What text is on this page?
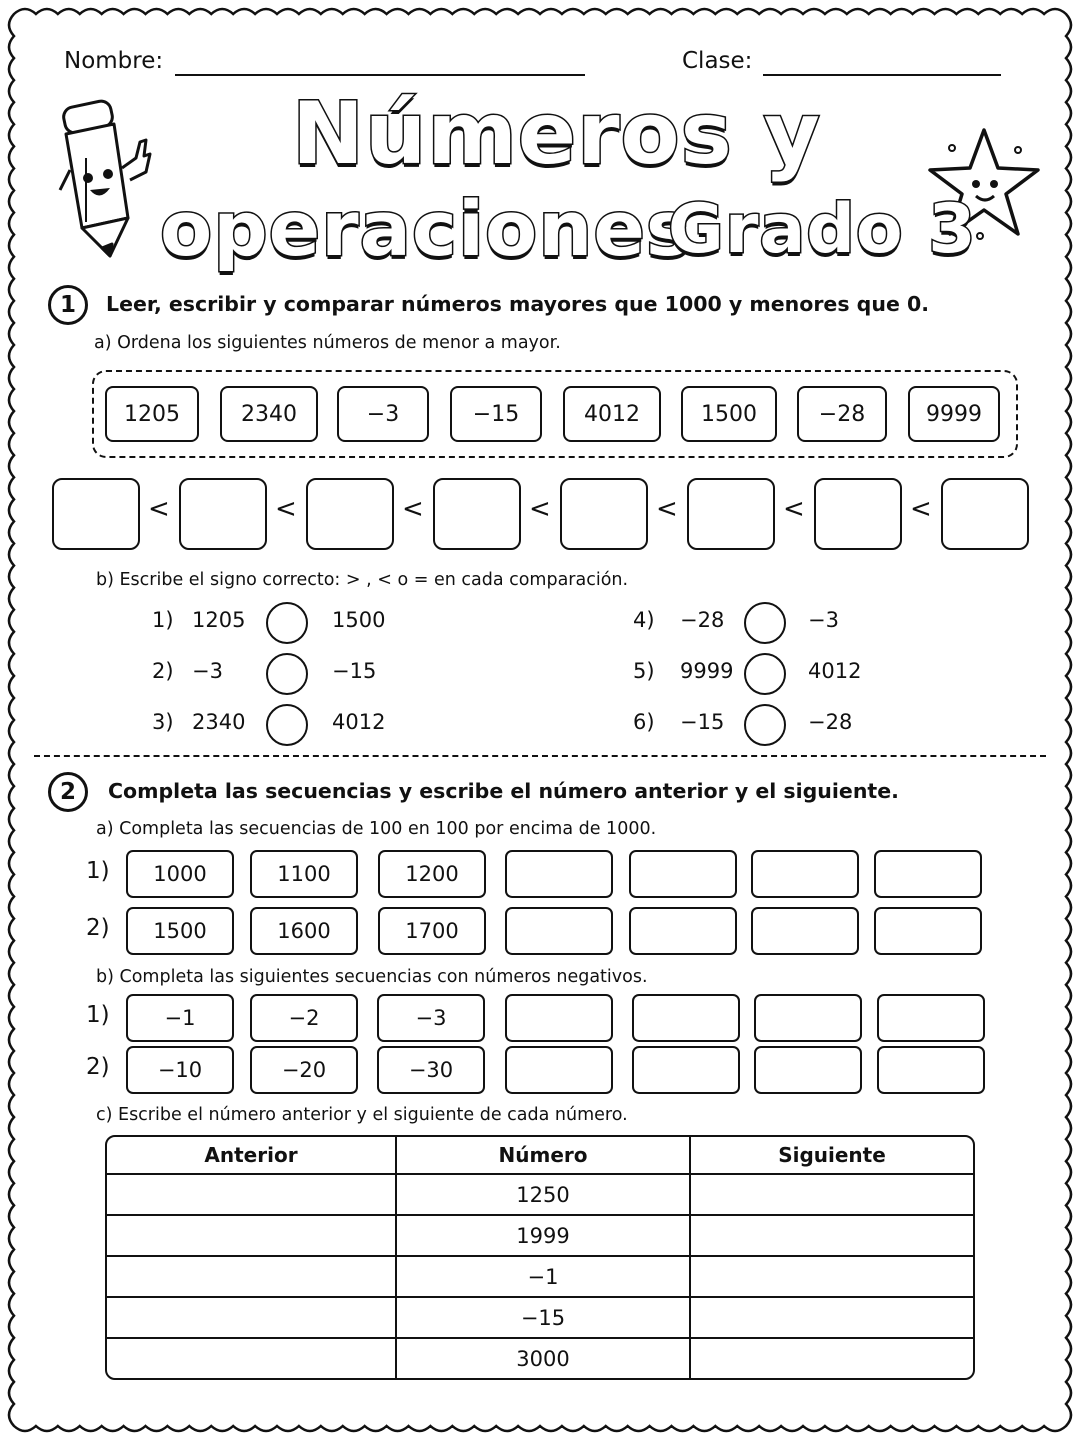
Nombre:	Clase:
Números y
operaciones
Grado 3
1	Leer, escribir y comparar números mayores que 1000 y menores que 0.
a) Ordena los siguientes números de menor a mayor.
1205	2340	−3	−15	4012	1500	−28	9999
<	<	<	<	<	<	<
b) Escribe el signo correcto: > , < o = en cada comparación.
1) 1205	1500
2) −3	−15
3) 2340	4012
4) −28	−3
5) 9999	4012
6) −15	−28
2	Completa las secuencias y escribe el número anterior y el siguiente.
a) Completa las secuencias de 100 en 100 por encima de 1000.
1)	1000	1100	1200
2)	1500	1600	1700
b) Completa las siguientes secuencias con números negativos.
1)	−1	−2	−3
2)	−10	−20	−30
c) Escribe el número anterior y el siguiente de cada número.
Anterior	Número	Siguiente
	1250	
	1999	
	−1	
	−15	
	3000	
